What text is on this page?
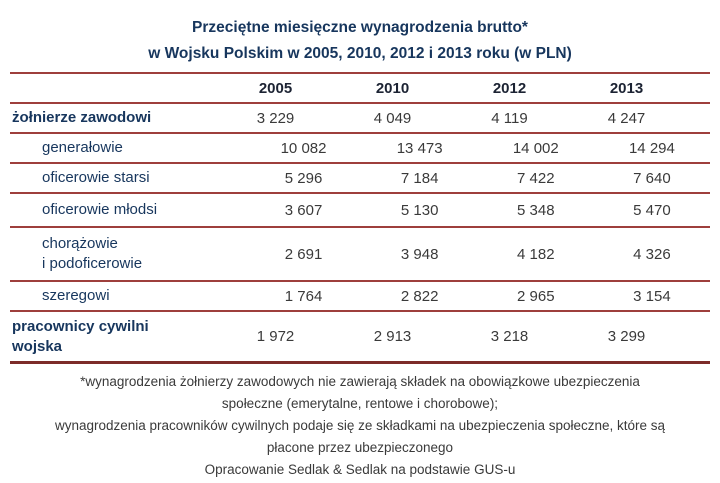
Przeciętne miesięczne wynagrodzenia brutto*
w Wojsku Polskim w 2005, 2010, 2012 i 2013 roku (w PLN)
2005	2010	2012	2013
żołnierze zawodowi	3 229	4 049	4 119	4 247
generałowie	10 082	13 473	14 002	14 294
oficerowie starsi	5 296	7 184	7 422	7 640
oficerowie młodsi	3 607	5 130	5 348	5 470
chorążowie
i podoficerowie
2 691	3 948	4 182	4 326
szeregowi	1 764	2 822	2 965	3 154
pracownicy cywilni
wojska
1 972	2 913	3 218	3 299
*wynagrodzenia żołnierzy zawodowych nie zawierają składek na obowiązkowe ubezpieczenia
społeczne (emerytalne, rentowe i chorobowe);
wynagrodzenia pracowników cywilnych podaje się ze składkami na ubezpieczenia społeczne, które są
płacone przez ubezpieczonego
Opracowanie Sedlak & Sedlak na podstawie GUS-u
